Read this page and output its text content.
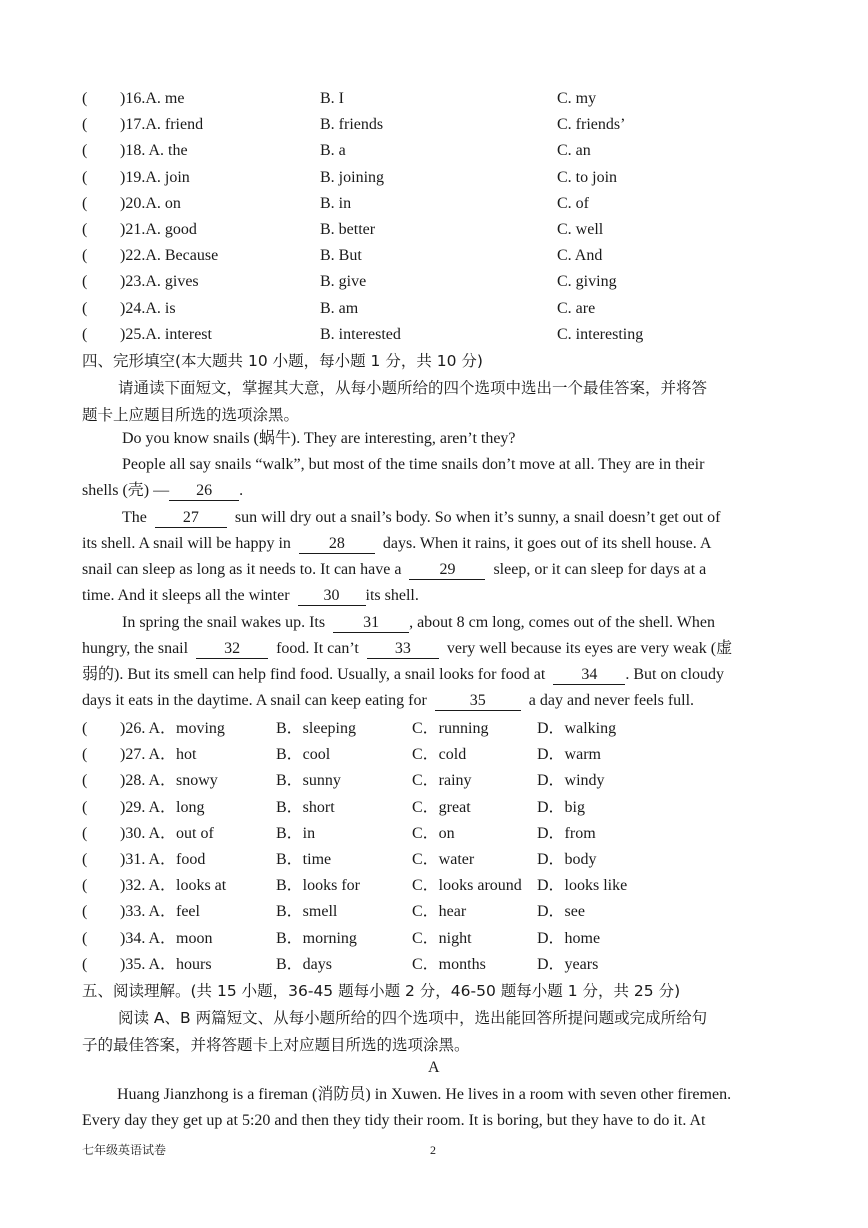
( )16.A. me	B. I	C. my
( )17.A. friend	B. friends	C. friends’
( )18. A. the	B. a	C. an
( )19.A. join	B. joining	C. to join
( )20.A. on	B. in	C. of
( )21.A. good	B. better	C. well
( )22.A. Because	B. But	C. And
( )23.A. gives	B. give	C. giving
( )24.A. is	B. am	C. are
( )25.A. interest	B. interested	C. interesting
四、完形填空(本大题共 10 小题，每小题 1 分，共 10 分)
请通读下面短文，掌握其大意，从每小题所给的四个选项中选出一个最佳答案，并将答
题卡上应题目所选的选项涂黑。
Do you know snails (蜗牛). They are interesting, aren’t they?
People all say snails “walk”, but most of the time snails don’t move at all. They are in their
shells (壳) — 26 .
The 27 sun will dry out a snail’s body. So when it’s sunny, a snail doesn’t get out of
its shell. A snail will be happy in 28 days. When it rains, it goes out of its shell house. A
snail can sleep as long as it needs to. It can have a 29 sleep, or it can sleep for days at a
time. And it sleeps all the winter 30 its shell.
In spring the snail wakes up. Its 31 , about 8 cm long, comes out of the shell. When
hungry, the snail 32 food. It can’t 33 very well because its eyes are very weak (虚
弱的). But its smell can help find food. Usually, a snail looks for food at 34 . But on cloudy
days it eats in the daytime. A snail can keep eating for	35	a day and never feels full.
( )26. A．moving	B．sleeping	C．running	D．walking
( )27. A．hot	B．cool	C．cold	D．warm
( )28. A．snowy	B．sunny	C．rainy	D．windy
( )29. A．long	B．short	C．great	D．big
( )30. A．out of	B．in	C．on	D．from
( )31. A．food	B．time	C．water	D．body
( )32. A．looks at	B．looks for	C．looks around D．looks like
( )33. A．feel	B．smell	C．hear	D．see
( )34. A．moon	B．morning	C．night	D．home
( )35. A．hours	B．days	C．months	D．years
五、阅读理解。(共 15 小题，36-45 题每小题 2 分，46-50 题每小题 1 分，共 25 分)
阅读 A、B 两篇短文、从每小题所给的四个选项中，选出能回答所提问题或完成所给句
子的最佳答案，并将答题卡上对应题目所选的选项涂黑。
A
Huang Jianzhong is a fireman (消防员) in Xuwen. He lives in a room with seven other firemen.
Every day they get up at 5:20 and then they tidy their room. It is boring, but they have to do it. At
七年级英语试卷	2
